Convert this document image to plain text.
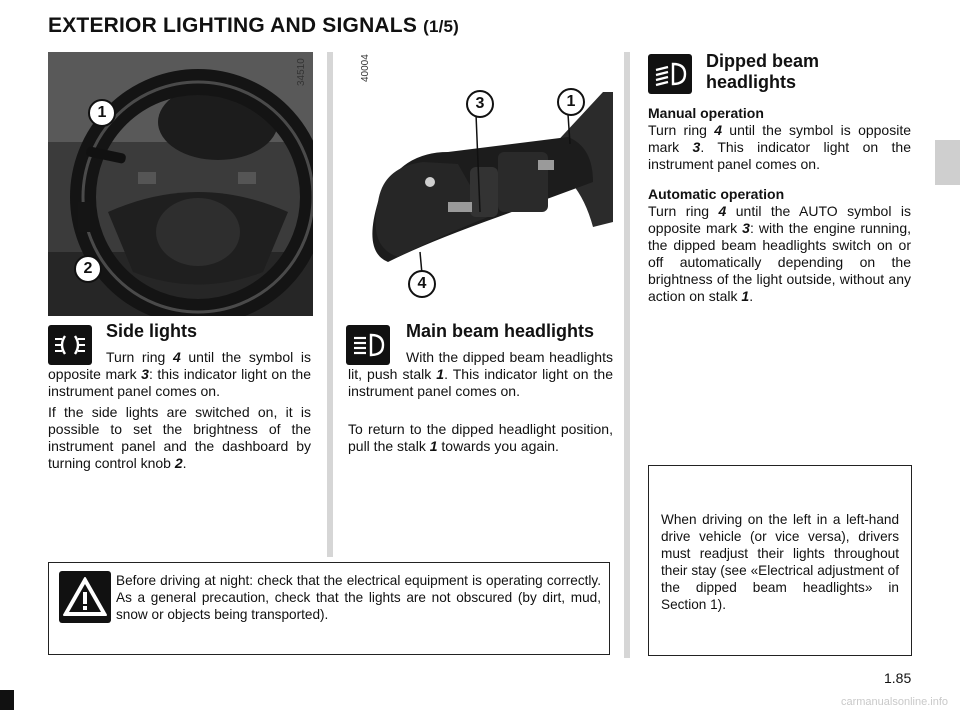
EXTERIOR LIGHTING AND SIGNALS (1/5)
34510
1
2
40004
3	1
4
Side lights
Turn ring 4 until the symbol is opposite mark 3: this indicator light on the instrument panel comes on.
If the side lights are switched on, it is possible to set the brightness of the instrument panel and the dashboard by turning control knob 2.
Main beam headlights
With the dipped beam headlights lit, push stalk 1. This indicator light on the instrument panel comes on.
To return to the dipped headlight position, pull the stalk 1 towards you again.
Dipped beam
headlights
Manual operation
Turn ring 4 until the symbol is opposite mark 3. This indicator light on the instrument panel comes on.
Automatic operation
Turn ring 4 until the AUTO symbol is opposite mark 3: with the engine running, the dipped beam headlights switch on or off automatically depending on the brightness of the light outside, without any action on stalk 1.
Before driving at night: check that the electrical equipment is operating correctly. As a general precaution, check that the lights are not obscured (by dirt, mud, snow or objects being transported).
When driving on the left in a left-hand drive vehicle (or vice versa), drivers must readjust their lights throughout their stay (see «Electrical adjustment of the dipped beam headlights» in Section 1).
1.85
carmanualsonline.info
